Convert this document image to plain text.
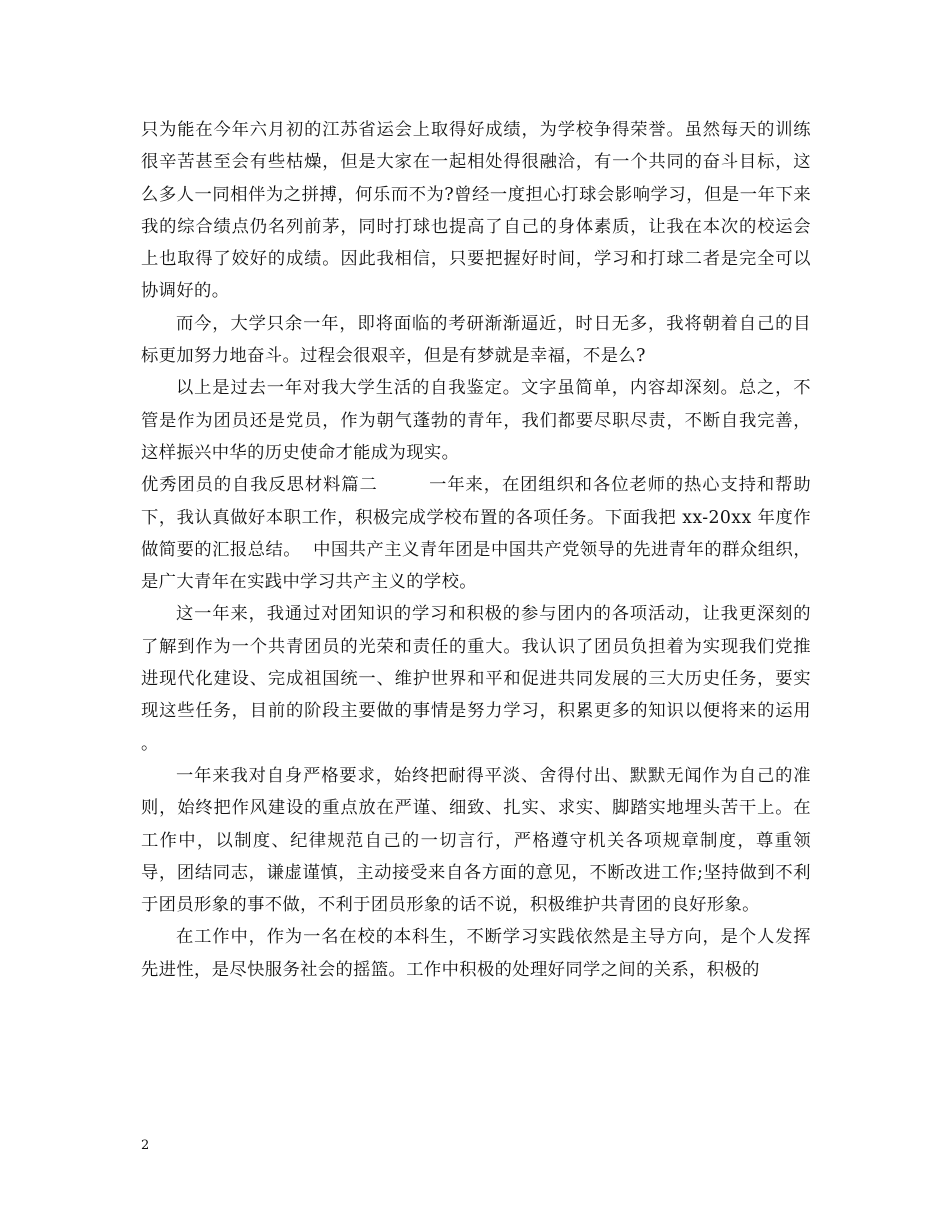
只为能在今年六月初的江苏省运会上取得好成绩，为学校争得荣誉。虽然每天的训练很辛苦甚至会有些枯燥，但是大家在一起相处得很融洽，有一个共同的奋斗目标，这么多人一同相伴为之拼搏，何乐而不为?曾经一度担心打球会影响学习，但是一年下来我的综合绩点仍名列前茅，同时打球也提高了自己的身体素质，让我在本次的校运会上也取得了姣好的成绩。因此我相信，只要把握好时间，学习和打球二者是完全可以协调好的。

而今，大学只余一年，即将面临的考研渐渐逼近，时日无多，我将朝着自己的目标更加努力地奋斗。过程会很艰辛，但是有梦就是幸福，不是么?

以上是过去一年对我大学生活的自我鉴定。文字虽简单，内容却深刻。总之，不管是作为团员还是党员，作为朝气蓬勃的青年，我们都要尽职尽责，不断自我完善，这样振兴中华的历史使命才能成为现实。

优秀团员的自我反思材料篇二        一年来，在团组织和各位老师的热心支持和帮助下，我认真做好本职工作，积极完成学校布置的各项任务。下面我把 xx-20xx 年度作做简要的汇报总结。  中国共产主义青年团是中国共产党领导的先进青年的群众组织，是广大青年在实践中学习共产主义的学校。

这一年来，我通过对团知识的学习和积极的参与团内的各项活动，让我更深刻的了解到作为一个共青团员的光荣和责任的重大。我认识了团员负担着为实现我们党推进现代化建设、完成祖国统一、维护世界和平和促进共同发展的三大历史任务，要实现这些任务，目前的阶段主要做的事情是努力学习，积累更多的知识以便将来的运用  。

一年来我对自身严格要求，始终把耐得平淡、舍得付出、默默无闻作为自己的准则，始终把作风建设的重点放在严谨、细致、扎实、求实、脚踏实地埋头苦干上。在工作中，以制度、纪律规范自己的一切言行，严格遵守机关各项规章制度，尊重领导，团结同志，谦虚谨慎，主动接受来自各方面的意见，不断改进工作;坚持做到不利于团员形象的事不做，不利于团员形象的话不说，积极维护共青团的良好形象。

在工作中，作为一名在校的本科生，不断学习实践依然是主导方向，是个人发挥先进性，是尽快服务社会的摇篮。工作中积极的处理好同学之间的关系，积极的

2
